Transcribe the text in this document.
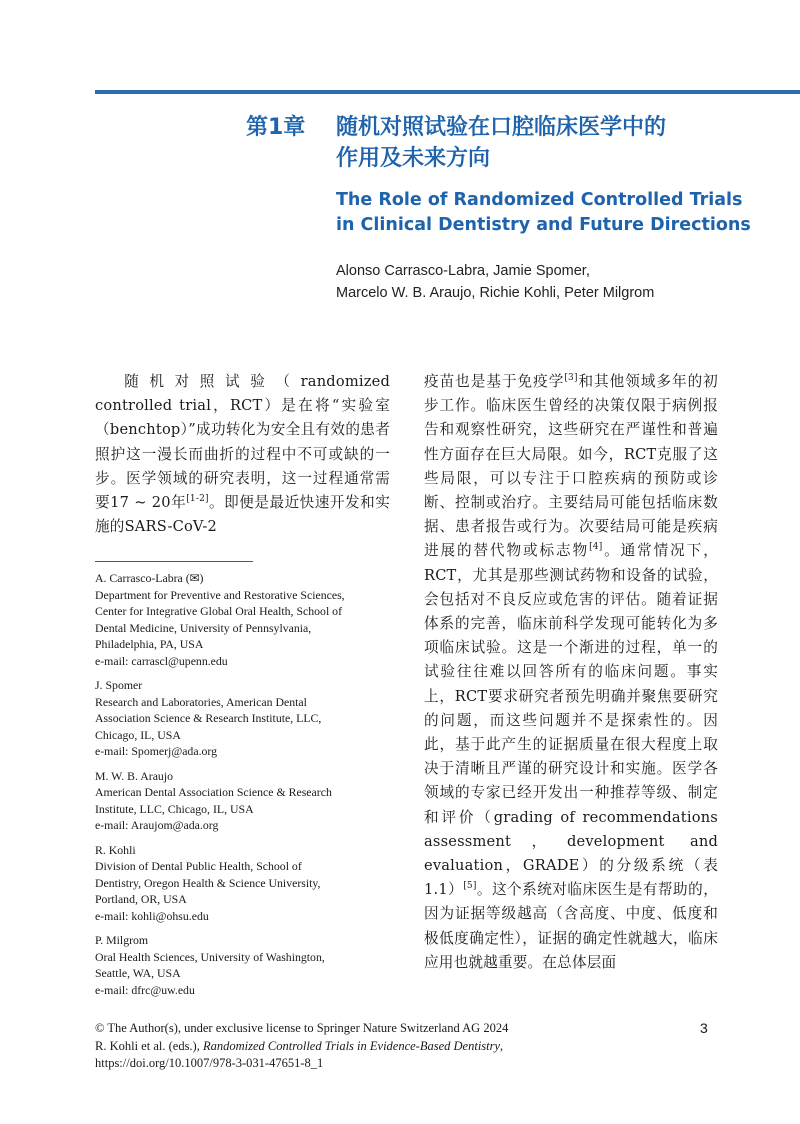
第1章 随机对照试验在口腔临床医学中的
作用及未来方向
The Role of Randomized Controlled Trials
in Clinical Dentistry and Future Directions
Alonso Carrasco-Labra, Jamie Spomer,
Marcelo W. B. Araujo, Richie Kohli, Peter Milgrom
随机对照试验（randomized controlled trial，RCT）是在将“实验室（benchtop）”成功转化为安全且有效的患者照护这一漫长而曲折的过程中不可或缺的一步。医学领域的研究表明，这一过程通常需要17 ~ 20年[1-2]。即便是最近快速开发和实施的SARS-CoV-2
疫苗也是基于免疫学[3]和其他领域多年的初步工作。临床医生曾经的决策仅限于病例报告和观察性研究，这些研究在严谨性和普遍性方面存在巨大局限。如今，RCT克服了这些局限，可以专注于口腔疾病的预防或诊断、控制或治疗。主要结局可能包括临床数据、患者报告或行为。次要结局可能是疾病进展的替代物或标志物[4]。通常情况下，RCT，尤其是那些测试药物和设备的试验，会包括对不良反应或危害的评估。随着证据体系的完善，临床前科学发现可能转化为多项临床试验。这是一个渐进的过程，单一的试验往往难以回答所有的临床问题。事实上，RCT要求研究者预先明确并聚焦要研究的问题，而这些问题并不是探索性的。因此，基于此产生的证据质量在很大程度上取决于清晰且严谨的研究设计和实施。医学各领域的专家已经开发出一种推荐等级、制定和评价（grading of recommendations assessment，development and evaluation，GRADE）的分级系统（表1.1）[5]。这个系统对临床医生是有帮助的，因为证据等级越高（含高度、中度、低度和极低度确定性），证据的确定性就越大，临床应用也就越重要。在总体层面
A. Carrasco-Labra (✉)
Department for Preventive and Restorative Sciences,
Center for Integrative Global Oral Health, School of
Dental Medicine, University of Pennsylvania,
Philadelphia, PA, USA
e-mail: carrascl@upenn.edu
J. Spomer
Research and Laboratories, American Dental
Association Science & Research Institute, LLC,
Chicago, IL, USA
e-mail: Spomerj@ada.org
M. W. B. Araujo
American Dental Association Science & Research
Institute, LLC, Chicago, IL, USA
e-mail: Araujom@ada.org
R. Kohli
Division of Dental Public Health, School of
Dentistry, Oregon Health & Science University,
Portland, OR, USA
e-mail: kohli@ohsu.edu
P. Milgrom
Oral Health Sciences, University of Washington,
Seattle, WA, USA
e-mail: dfrc@uw.edu
© The Author(s), under exclusive license to Springer Nature Switzerland AG 2024
R. Kohli et al. (eds.), Randomized Controlled Trials in Evidence-Based Dentistry,
https://doi.org/10.1007/978-3-031-47651-8_1
3
